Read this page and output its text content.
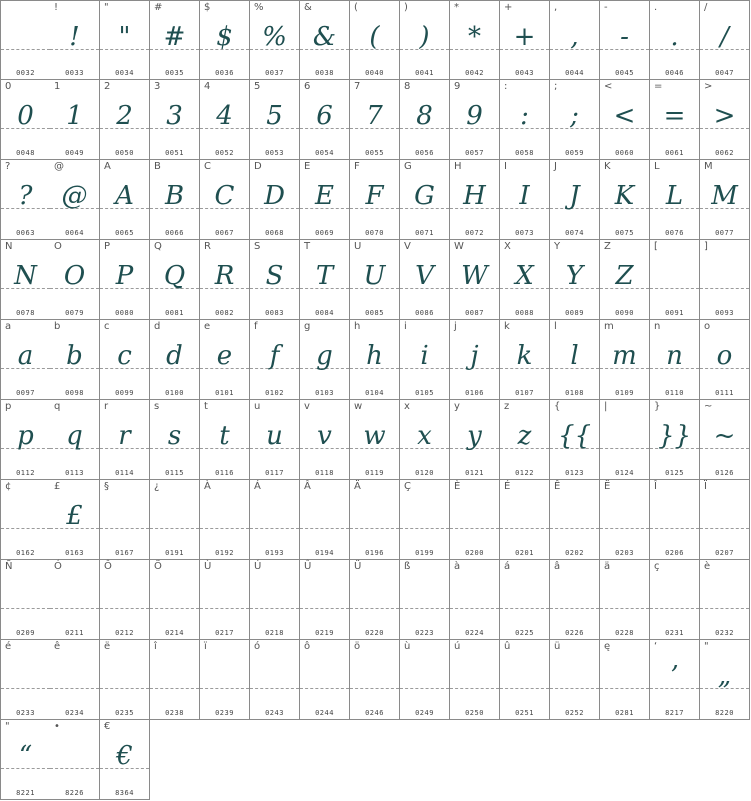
0032
!
!
0033
"
"
0034
#
#
0035
$
$
0036
%
%
0037
&
&
0038
(
(
0040
)
)
0041
*
*
0042
+
+
0043
,
,
0044
-
-
0045
.
.
0046
/
/
0047
0
0
0048
1
1
0049
2
2
0050
3
3
0051
4
4
0052
5
5
0053
6
6
0054
7
7
0055
8
8
0056
9
9
0057
:
:
0058
;
;
0059
<
<
0060
=
=
0061
>
>
0062
?
?
0063
@
@
0064
A
A
0065
B
B
0066
C
C
0067
D
D
0068
E
E
0069
F
F
0070
G
G
0071
H
H
0072
I
I
0073
J
J
0074
K
K
0075
L
L
0076
M
M
0077
N
N
0078
O
O
0079
P
P
0080
Q
Q
0081
R
R
0082
S
S
0083
T
T
0084
U
U
0085
V
V
0086
W
W
0087
X
X
0088
Y
Y
0089
Z
Z
0090
[
0091
]
0093
a
a
0097
b
b
0098
c
c
0099
d
d
0100
e
e
0101
f
f
0102
g
g
0103
h
h
0104
i
i
0105
j
j
0106
k
k
0107
l
l
0108
m
m
0109
n
n
0110
o
o
0111
p
p
0112
q
q
0113
r
r
0114
s
s
0115
t
t
0116
u
u
0117
v
v
0118
w
w
0119
x
x
0120
y
y
0121
z
z
0122
{
{{
0123
|
0124
}
}}
0125
~
~
0126
¢
0162
£
£
0163
§
0167
¿
0191
À
0192
Á
0193
Â
0194
Ä
0196
Ç
0199
È
0200
É
0201
Ê
0202
Ë
0203
Î
0206
Ï
0207
Ñ
0209
Ó
0211
Ô
0212
Ö
0214
Ù
0217
Ú
0218
Û
0219
Ü
0220
ß
0223
à
0224
á
0225
â
0226
ä
0228
ç
0231
è
0232
é
0233
ê
0234
ë
0235
î
0238
ï
0239
ó
0243
ô
0244
ö
0246
ù
0249
ú
0250
û
0251
ü
0252
ę
0281
‘
’
8217
"
„
8220
"
“
8221
•
8226
€
€
8364
